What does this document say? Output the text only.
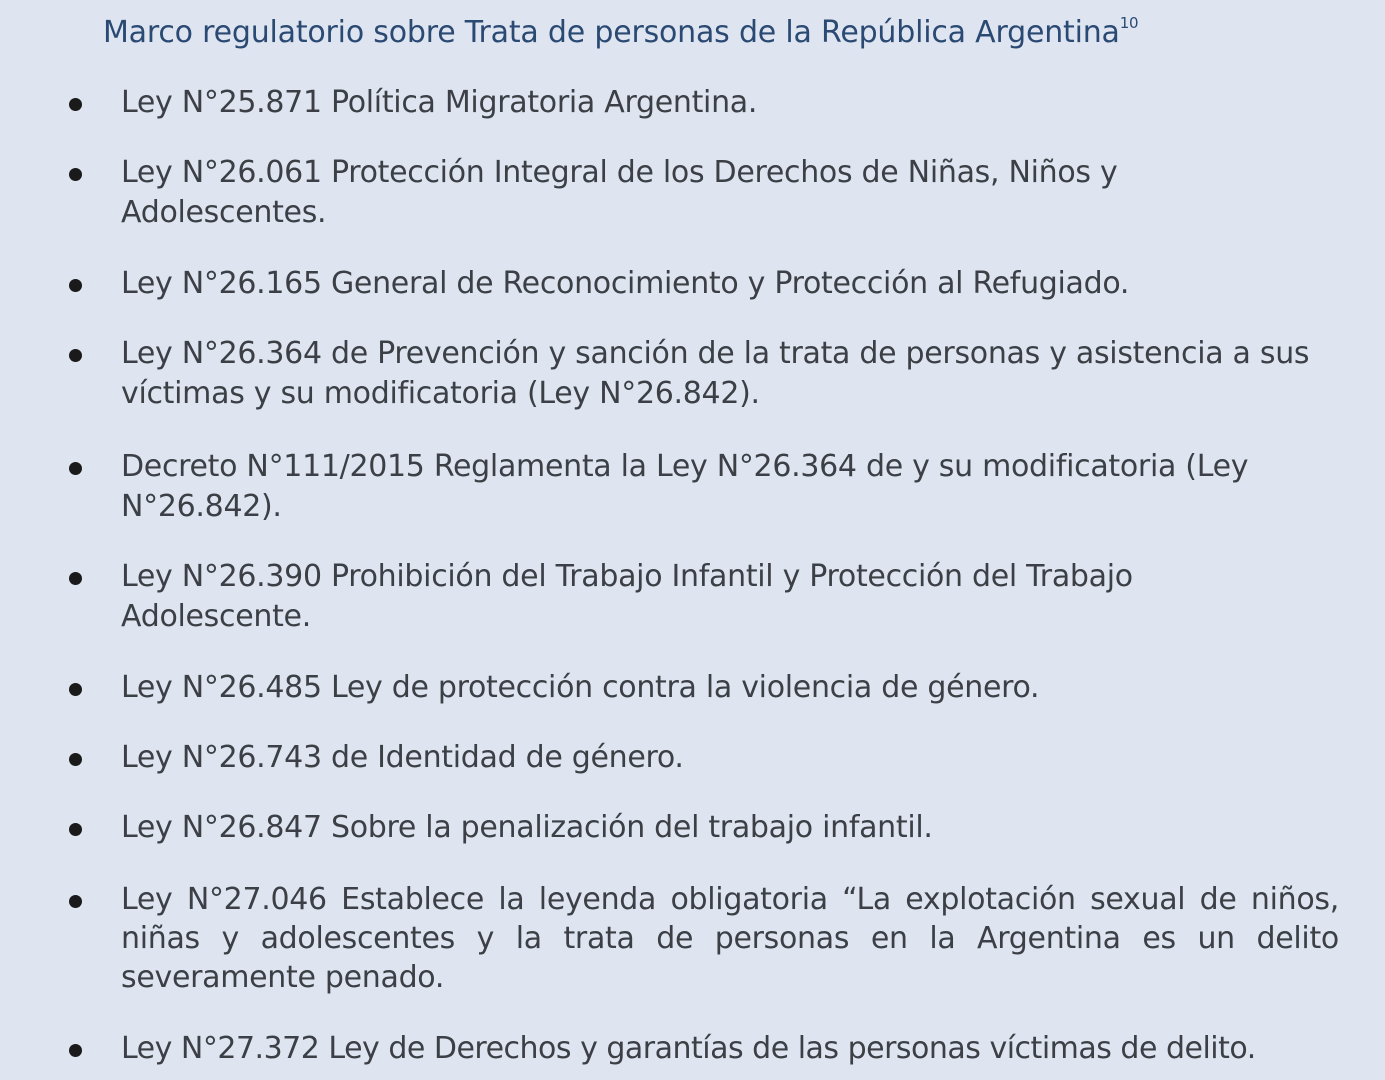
Marco regulatorio sobre Trata de personas de la República Argentina$^{10}$
Ley N°25.871 Política Migratoria Argentina.
Ley N°26.061 Protección Integral de los Derechos de Niñas, Niños y Adolescentes.
Ley N°26.165 General de Reconocimiento y Protección al Refugiado.
Ley N°26.364 de Prevención y sanción de la trata de personas y asistencia a sus víctimas y su modificatoria (Ley N°26.842).
Decreto N°111/2015 Reglamenta la Ley N°26.364 de y su modificatoria (Ley N°26.842).
Ley N°26.390 Prohibición del Trabajo Infantil y Protección del Trabajo Adolescente.
Ley N°26.485 Ley de protección contra la violencia de género.
Ley N°26.743 de Identidad de género.
Ley N°26.847 Sobre la penalización del trabajo infantil.
Ley N°27.046 Establece la leyenda obligatoria “La explotación sexual de niños, niñas y adolescentes y la trata de personas en la Argentina es un delito severamente penado.
Ley N°27.372 Ley de Derechos y garantías de las personas víctimas de delito.
